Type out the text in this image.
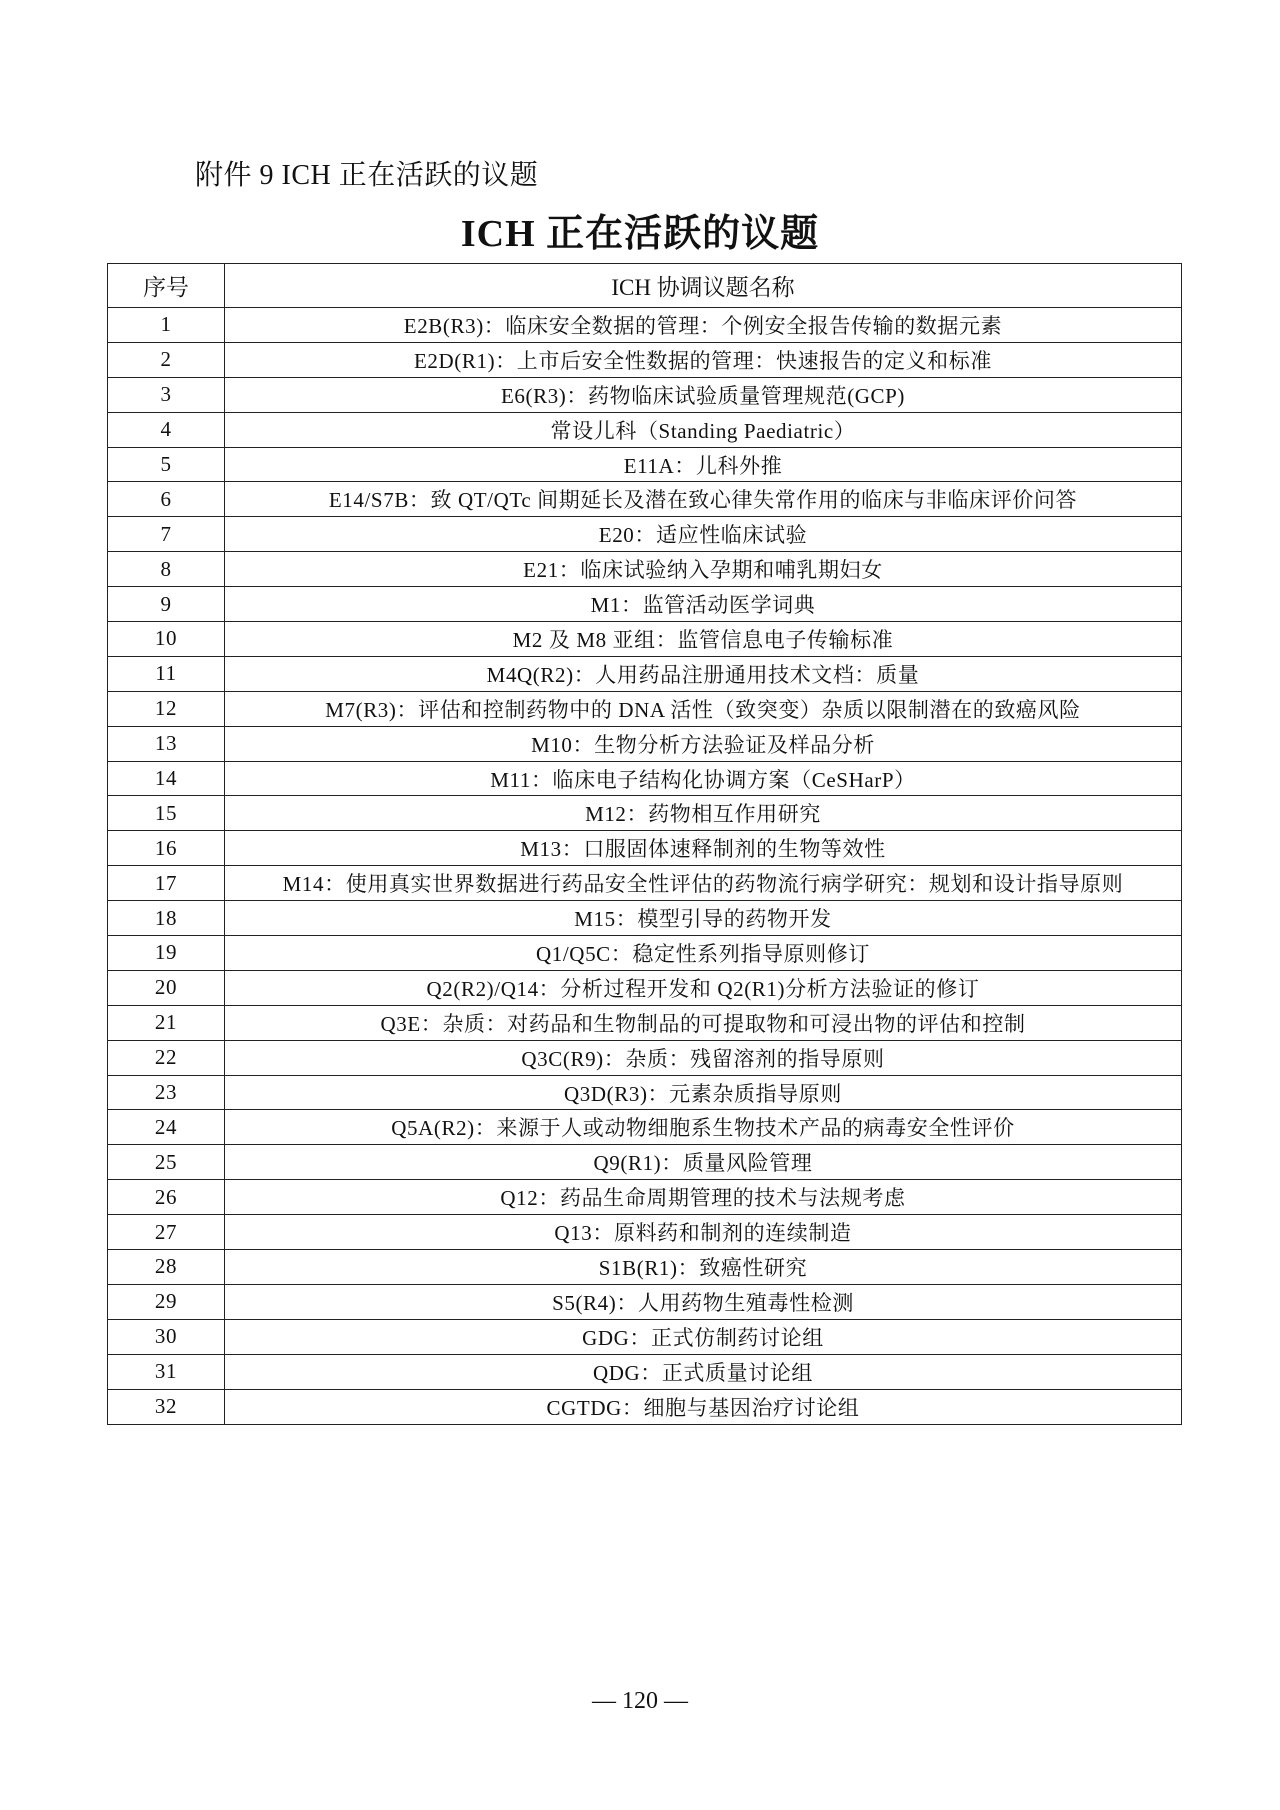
附件 9 ICH 正在活跃的议题
ICH 正在活跃的议题
序号	ICH 协调议题名称
1	E2B(R3)：临床安全数据的管理：个例安全报告传输的数据元素
2	E2D(R1)：上市后安全性数据的管理：快速报告的定义和标准
3	E6(R3)：药物临床试验质量管理规范(GCP)
4	常设儿科（Standing Paediatric）
5	E11A：儿科外推
6	E14/S7B：致 QT/QTc 间期延长及潜在致心律失常作用的临床与非临床评价问答
7	E20：适应性临床试验
8	E21：临床试验纳入孕期和哺乳期妇女
9	M1：监管活动医学词典
10	M2 及 M8 亚组：监管信息电子传输标准
11	M4Q(R2)：人用药品注册通用技术文档：质量
12	M7(R3)：评估和控制药物中的 DNA 活性（致突变）杂质以限制潜在的致癌风险
13	M10：生物分析方法验证及样品分析
14	M11：临床电子结构化协调方案（CeSHarP）
15	M12：药物相互作用研究
16	M13：口服固体速释制剂的生物等效性
17	M14：使用真实世界数据进行药品安全性评估的药物流行病学研究：规划和设计指导原则
18	M15：模型引导的药物开发
19	Q1/Q5C：稳定性系列指导原则修订
20	Q2(R2)/Q14：分析过程开发和 Q2(R1)分析方法验证的修订
21	Q3E：杂质：对药品和生物制品的可提取物和可浸出物的评估和控制
22	Q3C(R9)：杂质：残留溶剂的指导原则
23	Q3D(R3)：元素杂质指导原则
24	Q5A(R2)：来源于人或动物细胞系生物技术产品的病毒安全性评价
25	Q9(R1)：质量风险管理
26	Q12：药品生命周期管理的技术与法规考虑
27	Q13：原料药和制剂的连续制造
28	S1B(R1)：致癌性研究
29	S5(R4)：人用药物生殖毒性检测
30	GDG：正式仿制药讨论组
31	QDG：正式质量讨论组
32	CGTDG：细胞与基因治疗讨论组
— 120 —
